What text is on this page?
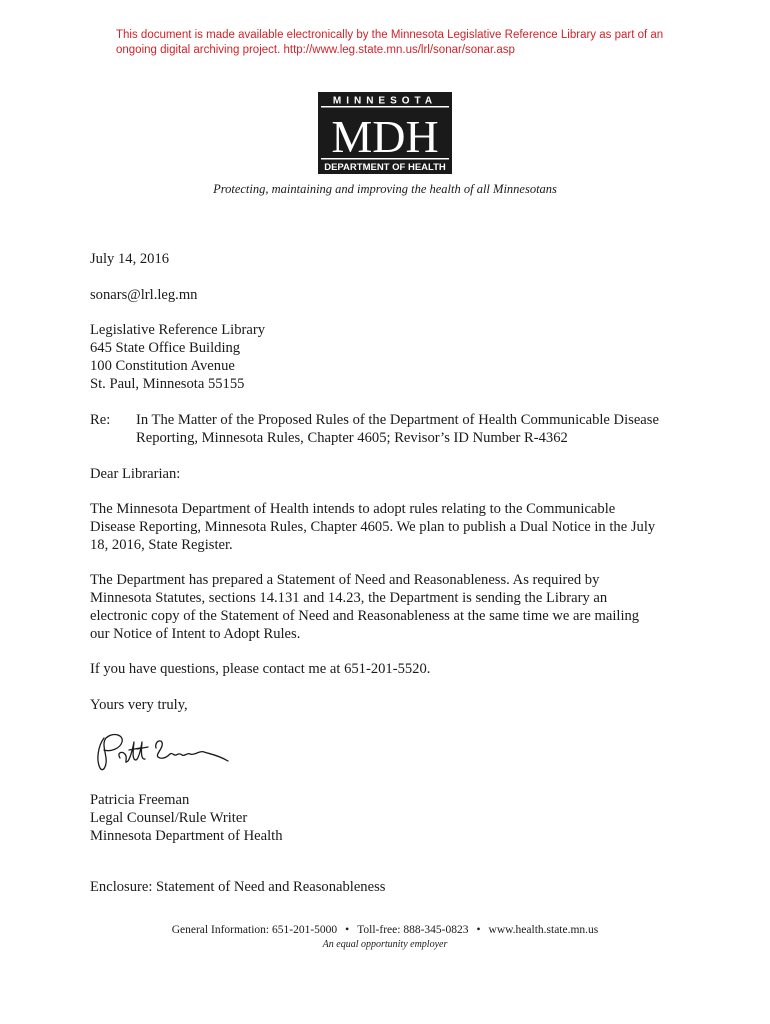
This document is made available electronically by the Minnesota Legislative Reference Library as part of an
ongoing digital archiving project. http://www.leg.state.mn.us/lrl/sonar/sonar.asp
MINNESOTA
MDH
DEPARTMENT OF HEALTH
Protecting, maintaining and improving the health of all Minnesotans
July 14, 2016
sonars@lrl.leg.mn
Legislative Reference Library
645 State Office Building
100 Constitution Avenue
St. Paul, Minnesota 55155
Re:	In The Matter of the Proposed Rules of the Department of Health Communicable Disease
Reporting, Minnesota Rules, Chapter 4605; Revisor’s ID Number R-4362
Dear Librarian:
The Minnesota Department of Health intends to adopt rules relating to the Communicable
Disease Reporting, Minnesota Rules, Chapter 4605. We plan to publish a Dual Notice in the July
18, 2016, State Register.
The Department has prepared a Statement of Need and Reasonableness. As required by
Minnesota Statutes, sections 14.131 and 14.23, the Department is sending the Library an
electronic copy of the Statement of Need and Reasonableness at the same time we are mailing
our Notice of Intent to Adopt Rules.
If you have questions, please contact me at 651-201-5520.
Yours very truly,
Patricia Freeman
Legal Counsel/Rule Writer
Minnesota Department of Health
Enclosure: Statement of Need and Reasonableness
General Information: 651-201-5000 • Toll-free: 888-345-0823 • www.health.state.mn.us
An equal opportunity employer
